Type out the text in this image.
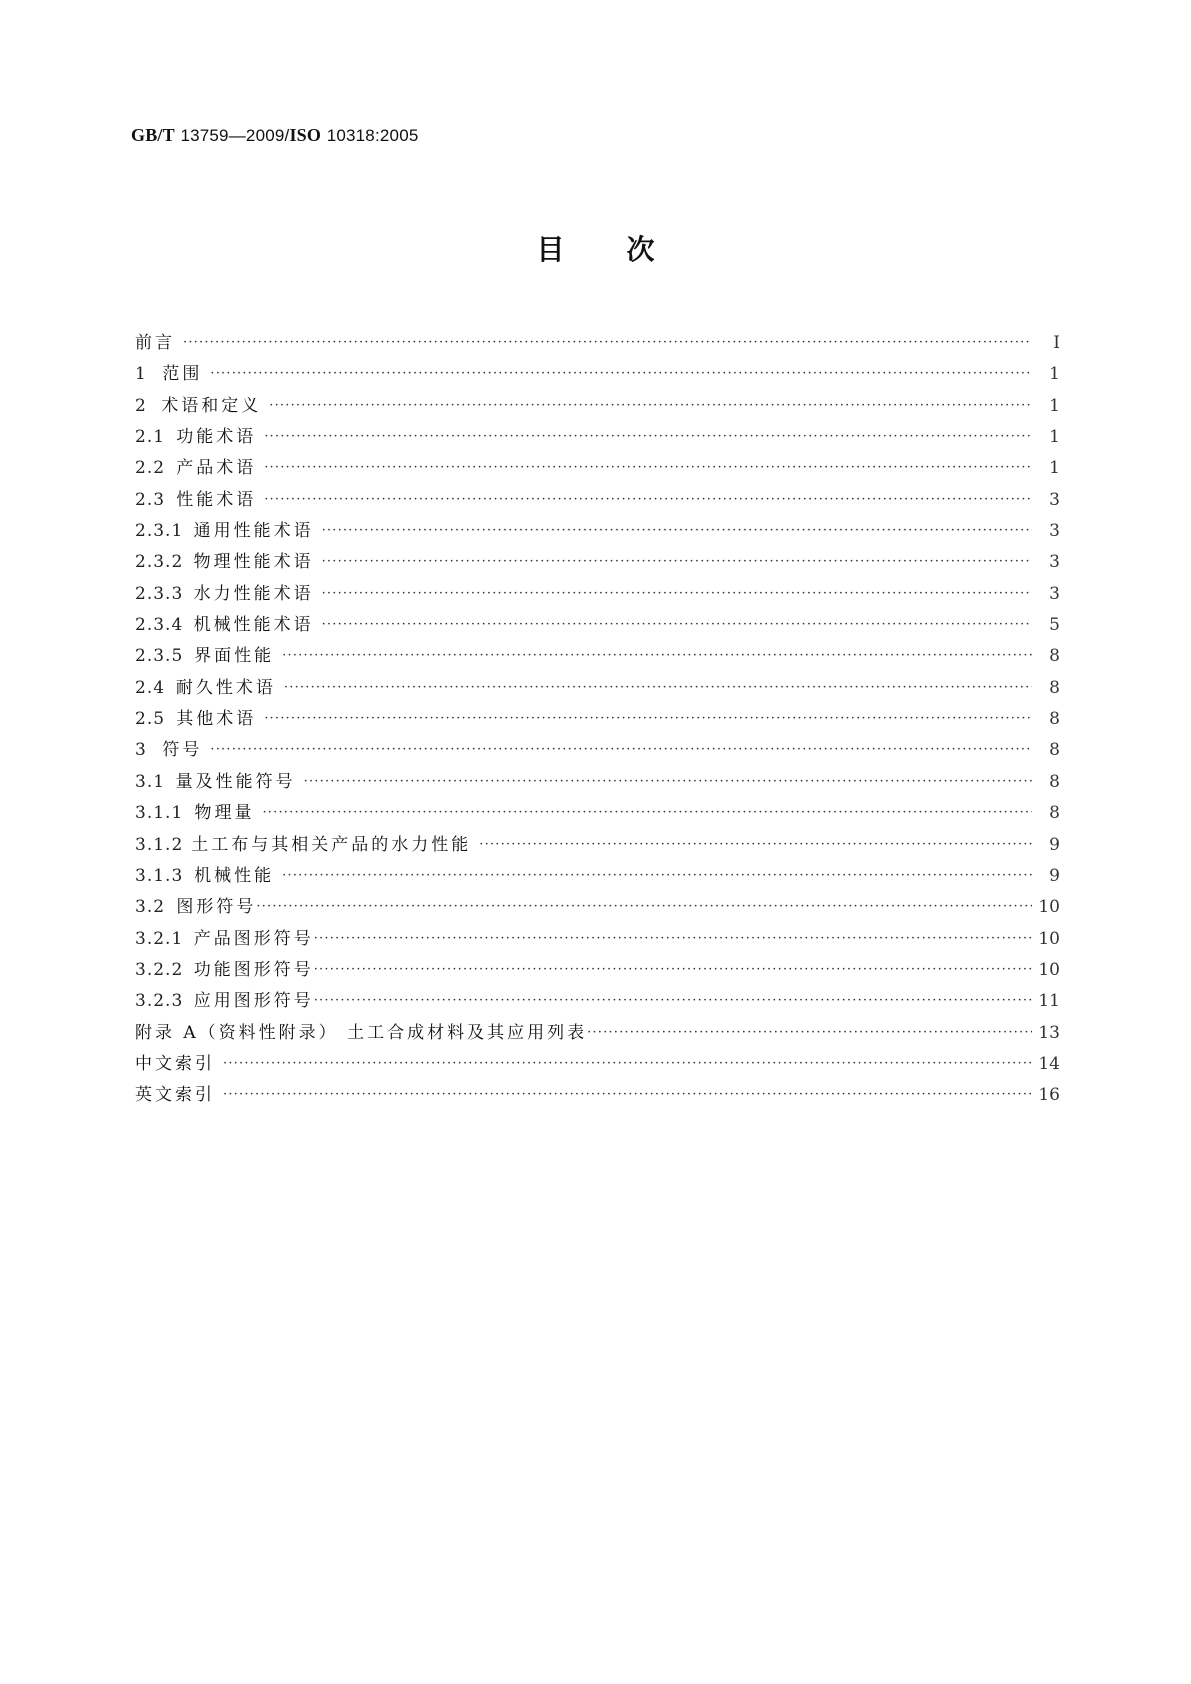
GB/T 13759—2009/ISO 10318:2005
目次
前言 ·····	Ⅰ
1 范围 ·····	1
2 术语和定义 ·····	1
2.1 功能术语 ·····	1
2.2 产品术语 ·····	1
2.3 性能术语 ·····	3
2.3.1 通用性能术语 ·····	3
2.3.2 物理性能术语 ·····	3
2.3.3 水力性能术语 ·····	3
2.3.4 机械性能术语 ·····	5
2.3.5 界面性能 ·····	8
2.4 耐久性术语 ·····	8
2.5 其他术语 ·····	8
3 符号 ·····	8
3.1 量及性能符号 ·····	8
3.1.1 物理量 ·····	8
3.1.2 土工布与其相关产品的水力性能 ·····	9
3.1.3 机械性能 ·····	9
3.2 图形符号 ·····	10
3.2.1 产品图形符号 ·····	10
3.2.2 功能图形符号 ·····	10
3.2.3 应用图形符号 ·····	11
附录 A（资料性附录） 土工合成材料及其应用列表 ·····	13
中文索引 ·····	14
英文索引 ·····	16
